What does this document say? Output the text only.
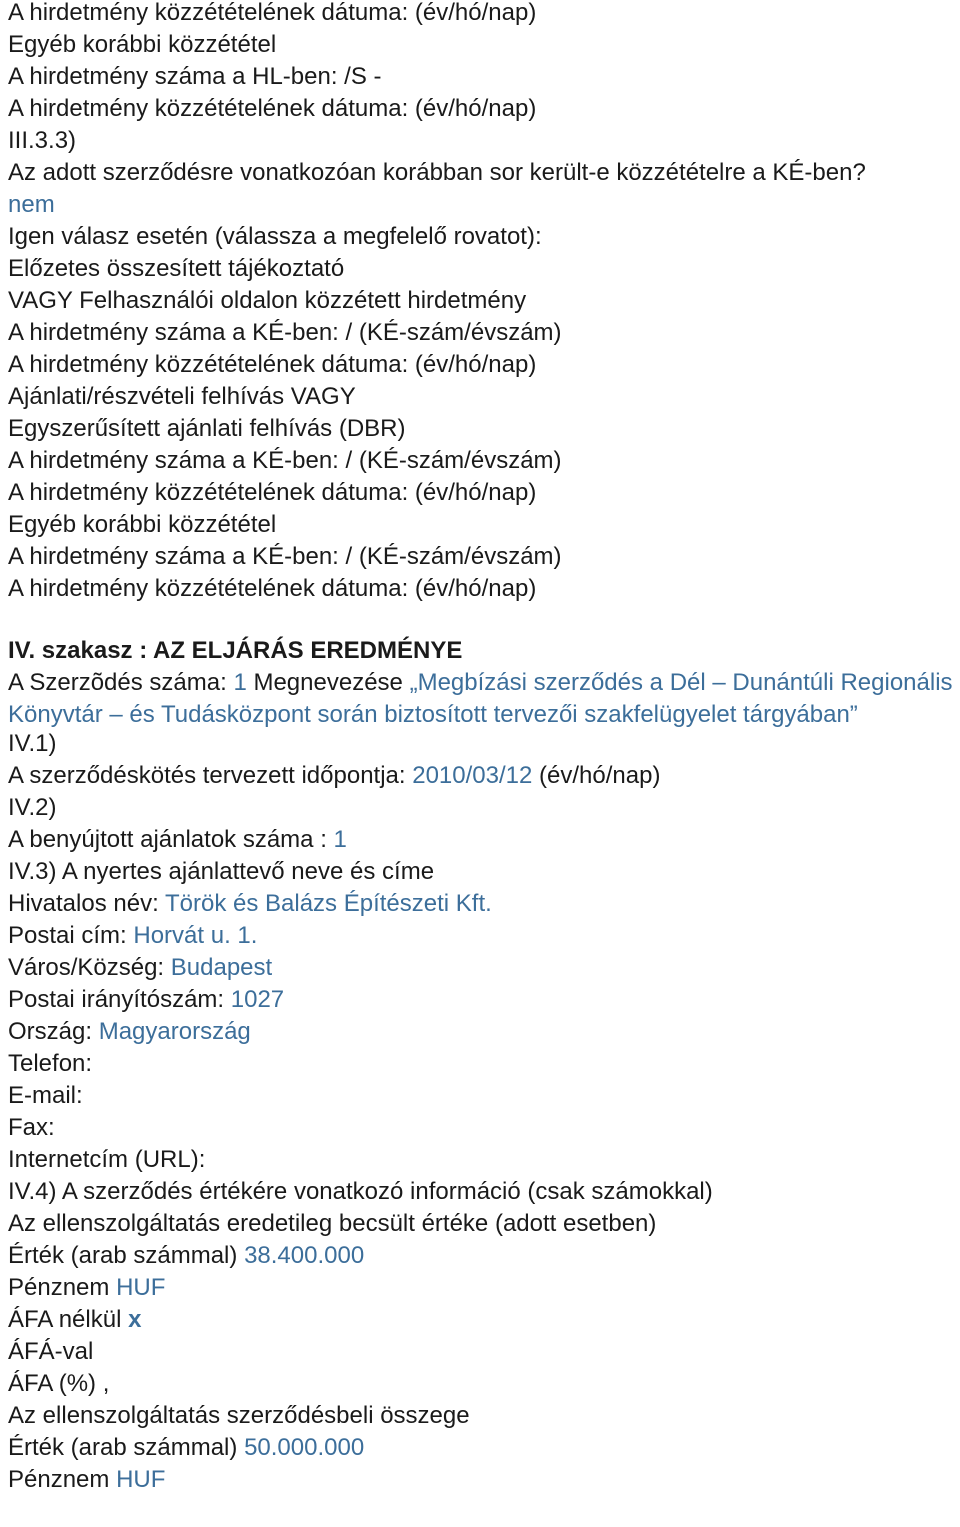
A hirdetmény közzétételének dátuma: (év/hó/nap)
Egyéb korábbi közzététel
A hirdetmény száma a HL-ben: /S -
A hirdetmény közzétételének dátuma: (év/hó/nap)
III.3.3)
Az adott szerződésre vonatkozóan korábban sor került-e közzétételre a KÉ-ben?
nem
Igen válasz esetén (válassza a megfelelő rovatot):
Előzetes összesített tájékoztató
VAGY Felhasználói oldalon közzétett hirdetmény
A hirdetmény száma a KÉ-ben: / (KÉ-szám/évszám)
A hirdetmény közzétételének dátuma: (év/hó/nap)
Ajánlati/részvételi felhívás VAGY
Egyszerűsített ajánlati felhívás (DBR)
A hirdetmény száma a KÉ-ben: / (KÉ-szám/évszám)
A hirdetmény közzétételének dátuma: (év/hó/nap)
Egyéb korábbi közzététel
A hirdetmény száma a KÉ-ben: / (KÉ-szám/évszám)
A hirdetmény közzétételének dátuma: (év/hó/nap)
IV. szakasz : AZ ELJÁRÁS EREDMÉNYE
A Szerzõdés száma: 1 Megnevezése „Megbízási szerződés a Dél – Dunántúli Regionális Könyvtár – és Tudásközpont során biztosított tervezői szakfelügyelet tárgyában”
IV.1)
A szerződéskötés tervezett időpontja: 2010/03/12 (év/hó/nap)
IV.2)
A benyújtott ajánlatok száma : 1
IV.3) A nyertes ajánlattevő neve és címe
Hivatalos név: Török és Balázs Építészeti Kft.
Postai cím: Horvát u. 1.
Város/Község: Budapest
Postai irányítószám: 1027
Ország: Magyarország
Telefon:
E-mail:
Fax:
Internetcím (URL):
IV.4) A szerződés értékére vonatkozó információ (csak számokkal)
Az ellenszolgáltatás eredetileg becsült értéke (adott esetben)
Érték (arab számmal) 38.400.000
Pénznem HUF
ÁFA nélkül x
ÁFÁ-val
ÁFA (%) ,
Az ellenszolgáltatás szerződésbeli összege
Érték (arab számmal) 50.000.000
Pénznem HUF
